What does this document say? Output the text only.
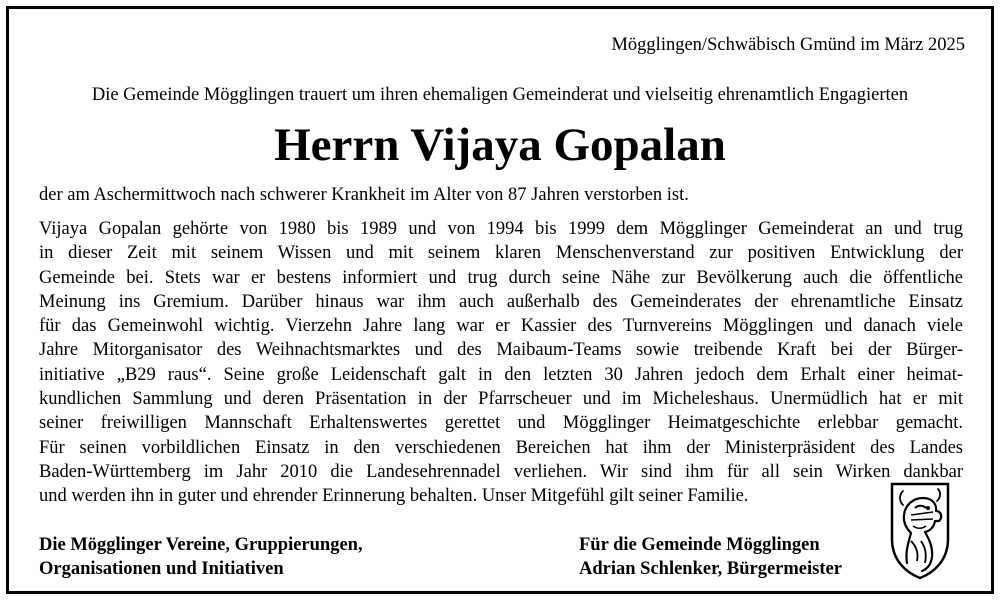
Mögglingen/Schwäbisch Gmünd im März 2025
Die Gemeinde Mögglingen trauert um ihren ehemaligen Gemeinderat und vielseitig ehrenamtlich Engagierten
Herrn Vijaya Gopalan
der am Aschermittwoch nach schwerer Krankheit im Alter von 87 Jahren verstorben ist.

Vijaya Gopalan gehörte von 1980 bis 1989 und von 1994 bis 1999 dem Mögglinger Gemeinderat an und trug
in dieser Zeit mit seinem Wissen und mit seinem klaren Menschenverstand zur positiven Entwicklung der
Gemeinde bei. Stets war er bestens informiert und trug durch seine Nähe zur Bevölkerung auch die öffentliche
Meinung ins Gremium. Darüber hinaus war ihm auch außerhalb des Gemeinderates der ehrenamtliche Einsatz
für das Gemeinwohl wichtig. Vierzehn Jahre lang war er Kassier des Turnvereins Mögglingen und danach viele
Jahre Mitorganisator des Weihnachtsmarktes und des Maibaum-Teams sowie treibende Kraft bei der Bürger-
initiative „B29 raus“. Seine große Leidenschaft galt in den letzten 30 Jahren jedoch dem Erhalt einer heimat-
kundlichen Sammlung und deren Präsentation in der Pfarrscheuer und im Micheleshaus. Unermüdlich hat er mit
seiner freiwilligen Mannschaft Erhaltenswertes gerettet und Mögglinger Heimatgeschichte erlebbar gemacht.
Für seinen vorbildlichen Einsatz in den verschiedenen Bereichen hat ihm der Ministerpräsident des Landes
Baden-Württemberg im Jahr 2010 die Landesehrennadel verliehen. Wir sind ihm für all sein Wirken dankbar
und werden ihn in guter und ehrender Erinnerung behalten. Unser Mitgefühl gilt seiner Familie.

Die Mögglinger Vereine, Gruppierungen,
Organisationen und Initiativen
Für die Gemeinde Mögglingen
Adrian Schlenker, Bürgermeister
